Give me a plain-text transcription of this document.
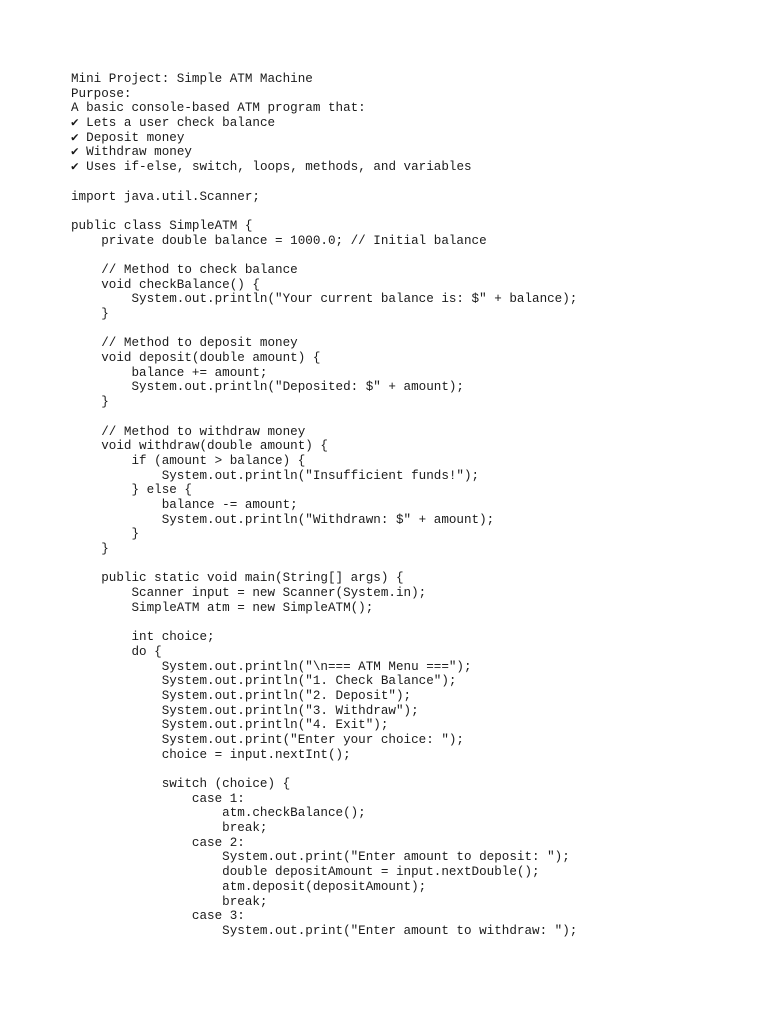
Mini Project: Simple ATM Machine
Purpose:
A basic console-based ATM program that:
✔ Lets a user check balance
✔ Deposit money
✔ Withdraw money
✔ Uses if-else, switch, loops, methods, and variables
import java.util.Scanner;
public class SimpleATM {
private double balance = 1000.0; // Initial balance
// Method to check balance
void checkBalance() {
System.out.println("Your current balance is: $" + balance);
}
// Method to deposit money
void deposit(double amount) {
balance += amount;
System.out.println("Deposited: $" + amount);
}
// Method to withdraw money
void withdraw(double amount) {
if (amount > balance) {
System.out.println("Insufficient funds!");
} else {
balance -= amount;
System.out.println("Withdrawn: $" + amount);
}
}
public static void main(String[] args) {
Scanner input = new Scanner(System.in);
SimpleATM atm = new SimpleATM();
int choice;
do {
System.out.println("\n=== ATM Menu ===");
System.out.println("1. Check Balance");
System.out.println("2. Deposit");
System.out.println("3. Withdraw");
System.out.println("4. Exit");
System.out.print("Enter your choice: ");
choice = input.nextInt();
switch (choice) {
case 1:
atm.checkBalance();
break;
case 2:
System.out.print("Enter amount to deposit: ");
double depositAmount = input.nextDouble();
atm.deposit(depositAmount);
break;
case 3:
System.out.print("Enter amount to withdraw: ");
